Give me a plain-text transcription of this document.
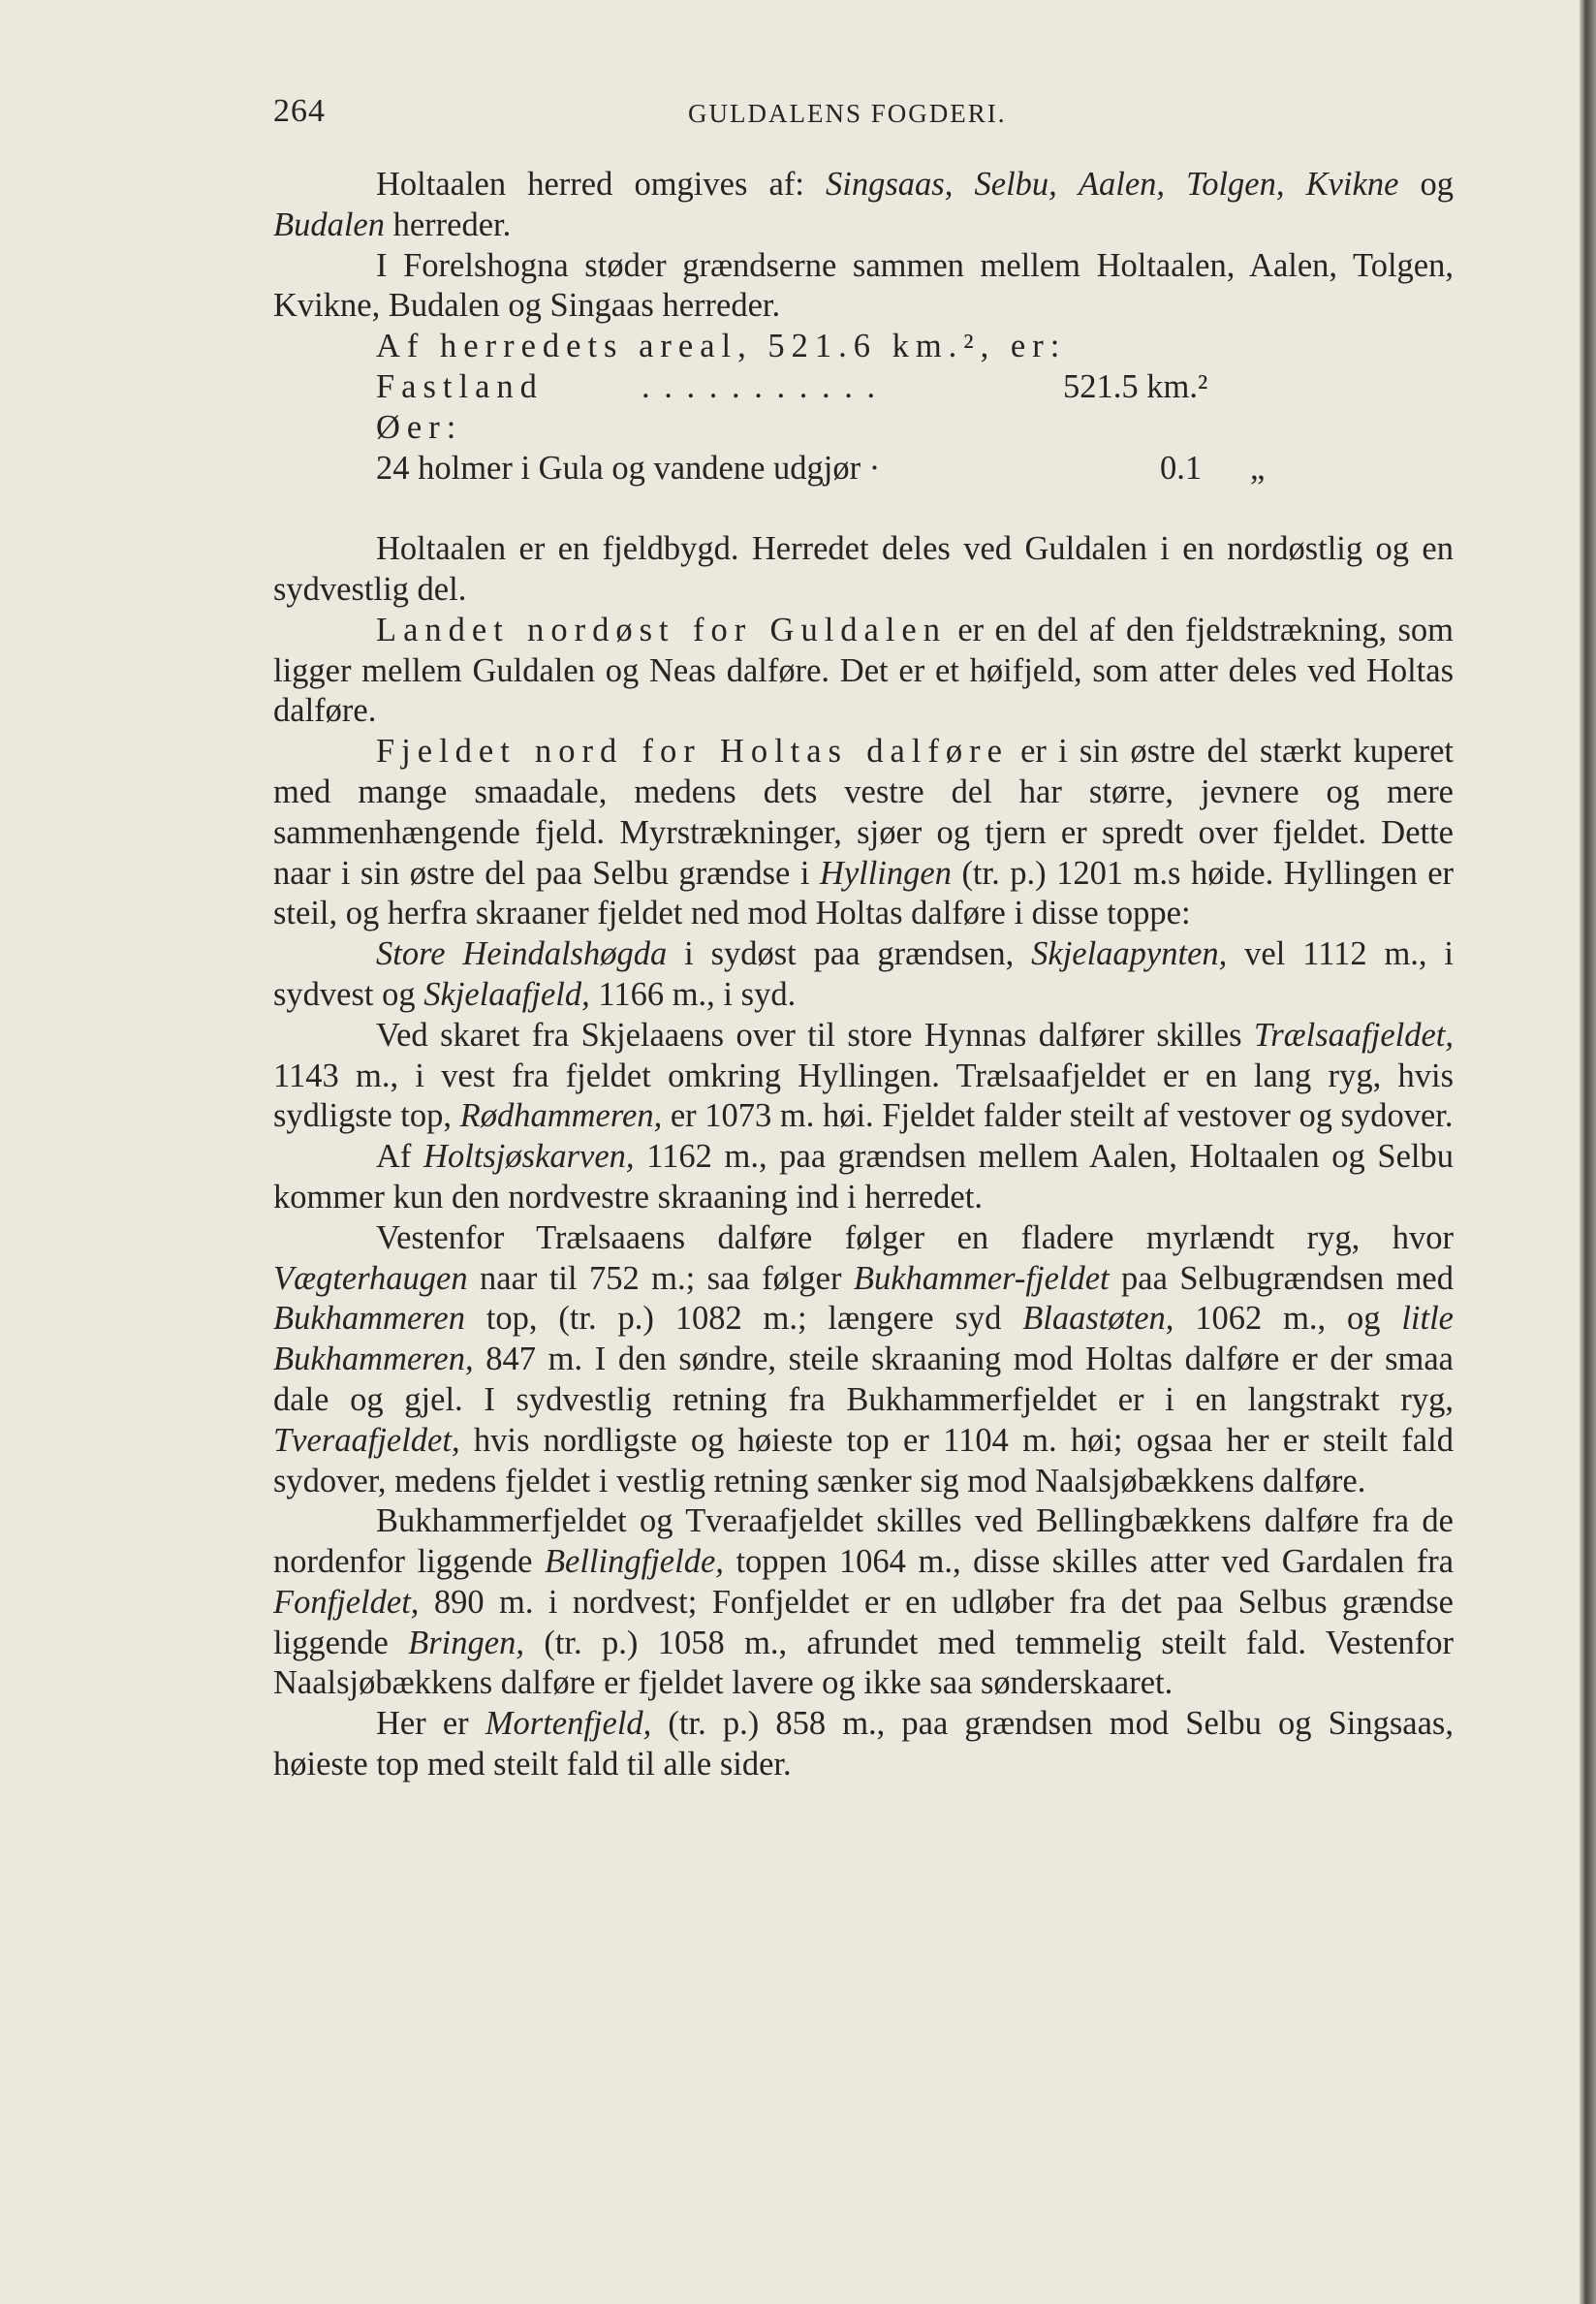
264	GULDALENS FOGDERI.

Holtaalen herred omgives af: Singsaas, Selbu, Aalen, Tolgen, Kvikne og Budalen herreder.

I Forelshogna støder grændserne sammen mellem Holtaalen, Aalen, Tolgen, Kvikne, Budalen og Singaas herreder.

Af herredets areal, 521.6 km.², er:
Fastland	. . . . . . . . . . .	521.5 km.²
Øer:
24 holmer i Gula og vandene udgjør ·	0.1 „

Holtaalen er en fjeldbygd. Herredet deles ved Guldalen i en nordøstlig og en sydvestlig del.

Landet nordøst for Guldalen er en del af den fjeldstrækning, som ligger mellem Guldalen og Neas dalføre. Det er et høifjeld, som atter deles ved Holtas dalføre.

Fjeldet nord for Holtas dalføre er i sin østre del stærkt kuperet med mange smaadale, medens dets vestre del har større, jevnere og mere sammenhængende fjeld. Myrstrækninger, sjøer og tjern er spredt over fjeldet. Dette naar i sin østre del paa Selbu grændse i Hyllingen (tr. p.) 1201 m.s høide. Hyllingen er steil, og herfra skraaner fjeldet ned mod Holtas dalføre i disse toppe:

Store Heindalshøgda i sydøst paa grændsen, Skjelaapynten, vel 1112 m., i sydvest og Skjelaafjeld, 1166 m., i syd.

Ved skaret fra Skjelaaens over til store Hynnas dalfører skilles Trælsaafjeldet, 1143 m., i vest fra fjeldet omkring Hyllingen. Trælsaafjeldet er en lang ryg, hvis sydligste top, Rødhammeren, er 1073 m. høi. Fjeldet falder steilt af vestover og sydover.

Af Holtsjøskarven, 1162 m., paa grændsen mellem Aalen, Holtaalen og Selbu kommer kun den nordvestre skraaning ind i herredet.

Vestenfor Trælsaaens dalføre følger en fladere myrlændt ryg, hvor Vægterhaugen naar til 752 m.; saa følger Bukhammer-fjeldet paa Selbugrændsen med Bukhammeren top, (tr. p.) 1082 m.; længere syd Blaastøten, 1062 m., og litle Bukhammeren, 847 m. I den søndre, steile skraaning mod Holtas dalføre er der smaa dale og gjel. I sydvestlig retning fra Bukhammerfjeldet er i en langstrakt ryg, Tveraafjeldet, hvis nordligste og høieste top er 1104 m. høi; ogsaa her er steilt fald sydover, medens fjeldet i vestlig retning sænker sig mod Naalsjøbækkens dalføre.

Bukhammerfjeldet og Tveraafjeldet skilles ved Bellingbækkens dalføre fra de nordenfor liggende Bellingfjelde, toppen 1064 m., disse skilles atter ved Gardalen fra Fonfjeldet, 890 m. i nordvest; Fonfjeldet er en udløber fra det paa Selbus grændse liggende Bringen, (tr. p.) 1058 m., afrundet med temmelig steilt fald. Vestenfor Naalsjøbækkens dalføre er fjeldet lavere og ikke saa sønderskaaret.

Her er Mortenfjeld, (tr. p.) 858 m., paa grændsen mod Selbu og Singsaas, høieste top med steilt fald til alle sider.
